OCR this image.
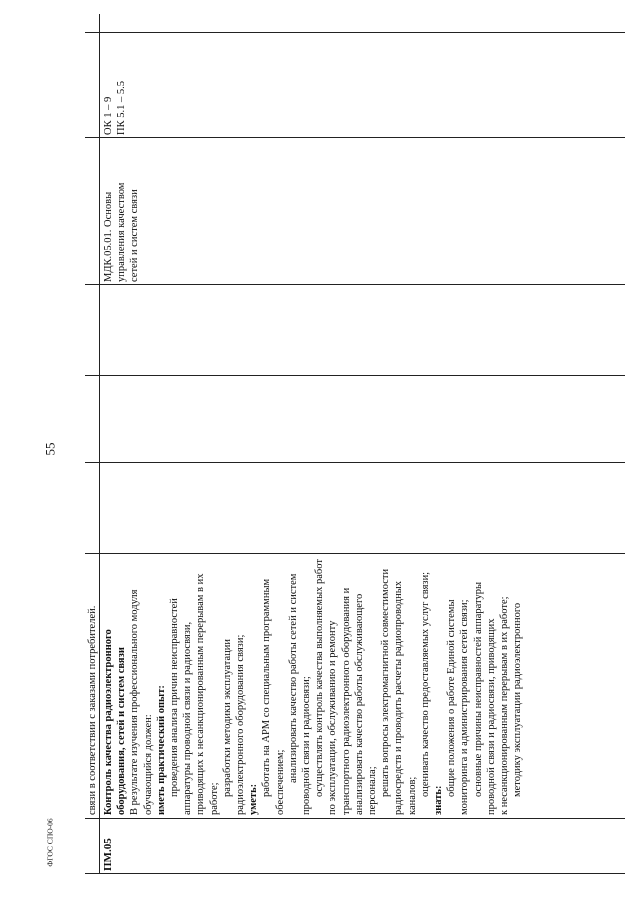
55
ФГОС СПО-06
связи в соответствии с заказами потребителей.
ПМ.05
Контроль качества радиоэлектронного оборудования, сетей и систем связи В результате изучения профессионального модуля обучающийся должен: иметь практический опыт: проведения анализа причин неисправностей аппаратуры проводной связи и радиосвязи, приводящих к несанкционированным перерывам в их работе;
разработки методики эксплуатации радиоэлектронного оборудования связи; уметь:
работать на АРМ со специальным программным обеспечением; анализировать качество работы сетей и систем проводной связи и радиосвязи; осуществлять контроль качества выполняемых работ по эксплуатации, обслуживанию и ремонту транспортного радиоэлектронного оборудования и анализировать качество работы обслуживающего персонала; решать вопросы электромагнитной совместимости радиосредств и проводить расчеты радиопроводных каналов; оценивать качество предоставляемых услуг связи;
знать:
общие положения о работе Единой системы мониторинга и администрирования сетей связи; основные причины неисправностей аппаратуры проводной связи и радиосвязи, приводящих к несанкционированным перерывам в их работе; методику эксплуатации радиоэлектронного
МДК.05.01. Основы управления качеством сетей и систем связи
ОК 1 – 9 ПК 5.1 – 5.5
